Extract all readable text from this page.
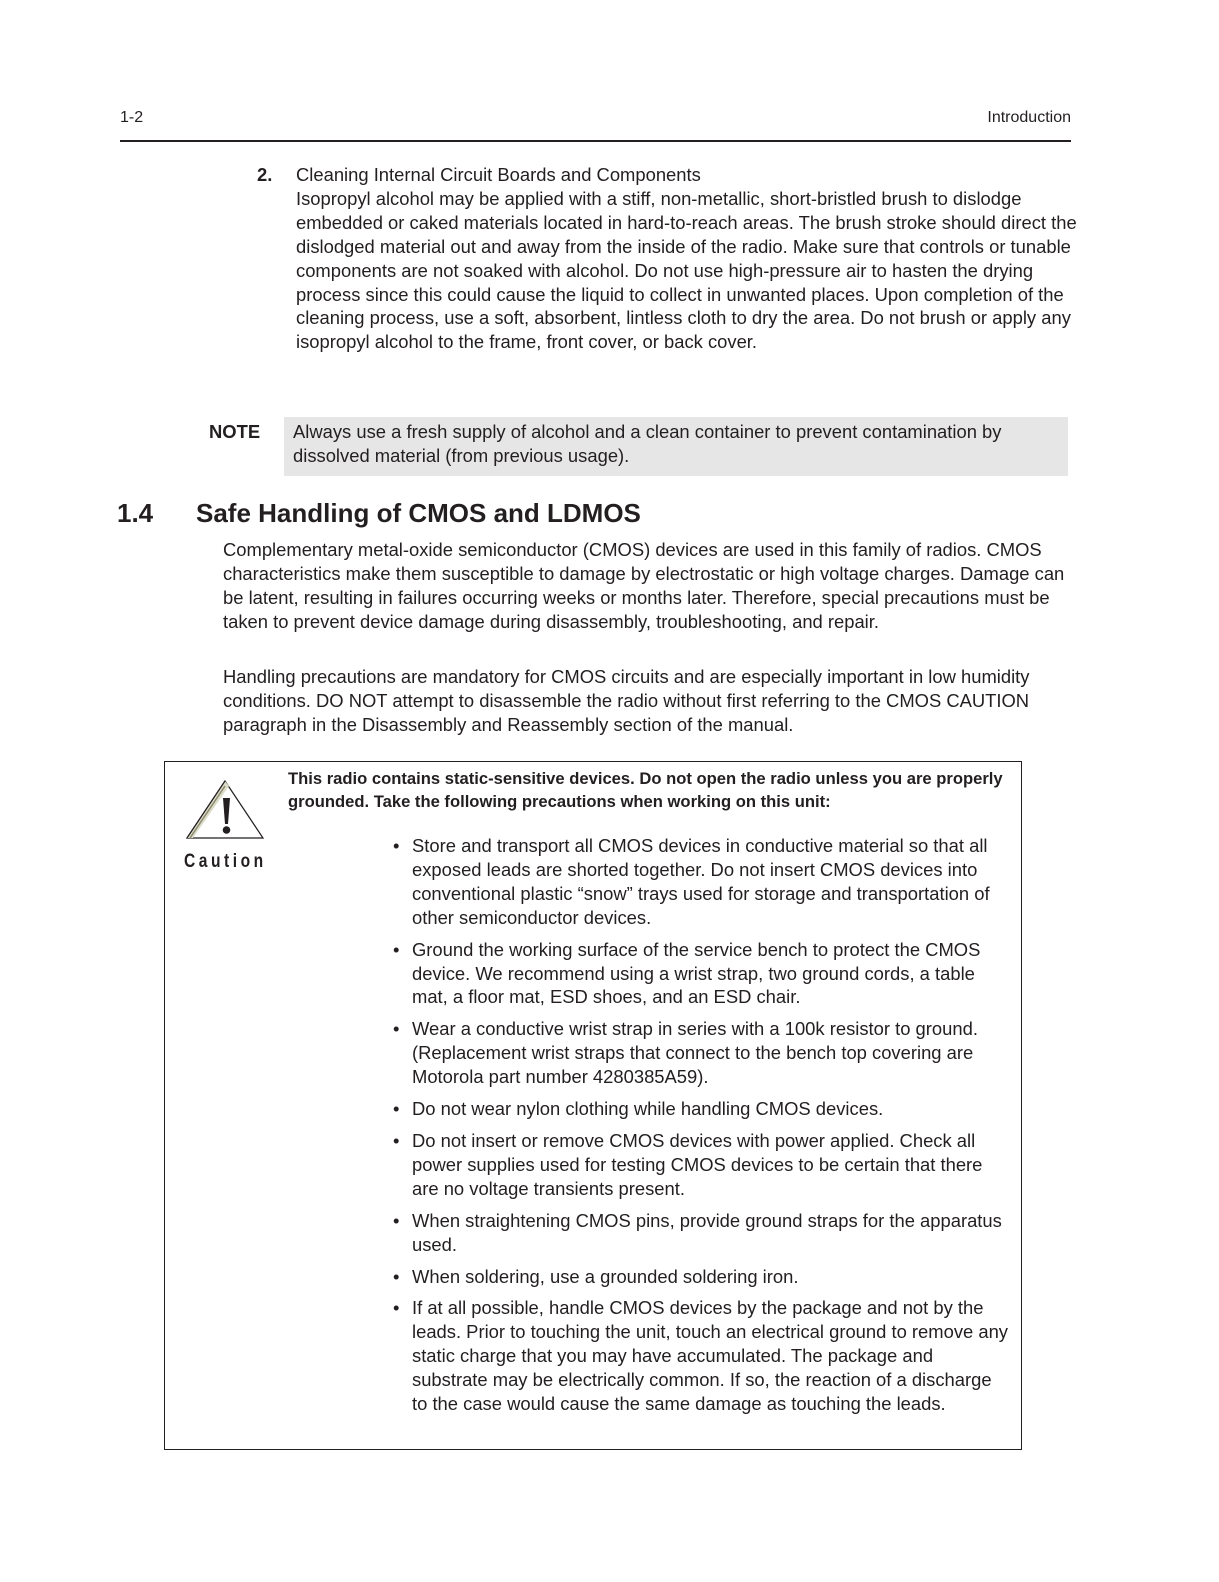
1-2	Introduction
2. Cleaning Internal Circuit Boards and Components
Isopropyl alcohol may be applied with a stiff, non-metallic, short-bristled brush to dislodge embedded or caked materials located in hard-to-reach areas. The brush stroke should direct the dislodged material out and away from the inside of the radio. Make sure that controls or tunable components are not soaked with alcohol. Do not use high-pressure air to hasten the drying process since this could cause the liquid to collect in unwanted places. Upon completion of the cleaning process, use a soft, absorbent, lintless cloth to dry the area. Do not brush or apply any isopropyl alcohol to the frame, front cover, or back cover.
NOTE	Always use a fresh supply of alcohol and a clean container to prevent contamination by dissolved material (from previous usage).
1.4 Safe Handling of CMOS and LDMOS

Complementary metal-oxide semiconductor (CMOS) devices are used in this family of radios. CMOS characteristics make them susceptible to damage by electrostatic or high voltage charges. Damage can be latent, resulting in failures occurring weeks or months later. Therefore, special precautions must be taken to prevent device damage during disassembly, troubleshooting, and repair.

Handling precautions are mandatory for CMOS circuits and are especially important in low humidity conditions. DO NOT attempt to disassemble the radio without first referring to the CMOS CAUTION paragraph in the Disassembly and Reassembly section of the manual.

Caution
This radio contains static-sensitive devices. Do not open the radio unless you are properly grounded. Take the following precautions when working on this unit:
• Store and transport all CMOS devices in conductive material so that all exposed leads are shorted together. Do not insert CMOS devices into conventional plastic “snow” trays used for storage and transportation of other semiconductor devices.
• Ground the working surface of the service bench to protect the CMOS device. We recommend using a wrist strap, two ground cords, a table mat, a floor mat, ESD shoes, and an ESD chair.
• Wear a conductive wrist strap in series with a 100k resistor to ground. (Replacement wrist straps that connect to the bench top covering are Motorola part number 4280385A59).
• Do not wear nylon clothing while handling CMOS devices.
• Do not insert or remove CMOS devices with power applied. Check all power supplies used for testing CMOS devices to be certain that there are no voltage transients present.
• When straightening CMOS pins, provide ground straps for the apparatus used.
• When soldering, use a grounded soldering iron.
• If at all possible, handle CMOS devices by the package and not by the leads. Prior to touching the unit, touch an electrical ground to remove any static charge that you may have accumulated. The package and substrate may be electrically common. If so, the reaction of a discharge to the case would cause the same damage as touching the leads.
